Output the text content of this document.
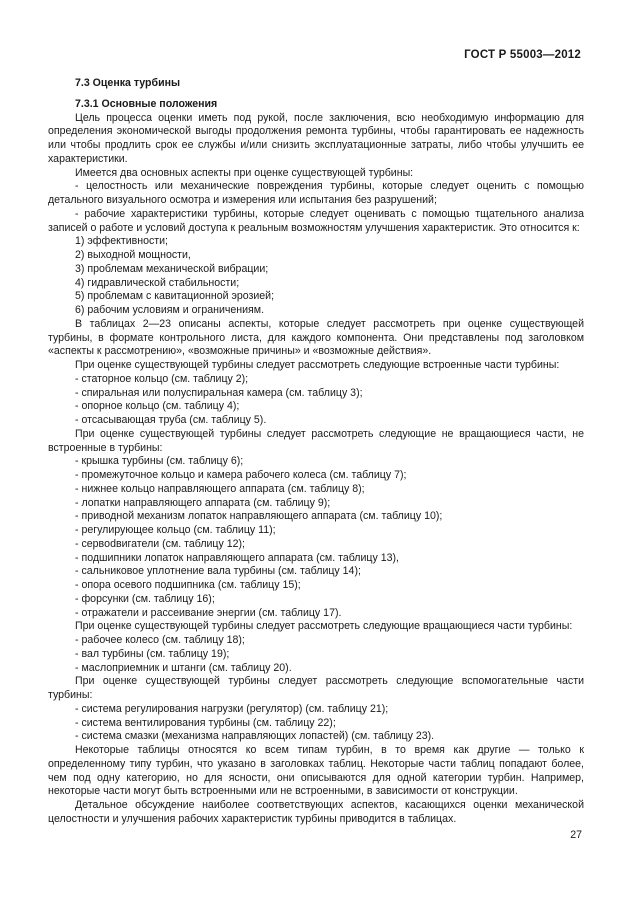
ГОСТ Р 55003—2012

7.3 Оценка турбины

7.3.1 Основные положения

Цель процесса оценки иметь под рукой, после заключения, всю необходимую информацию для определения экономической выгоды продолжения ремонта турбины, чтобы гарантировать ее надежность или чтобы продлить срок ее службы и/или снизить эксплуатационные затраты, либо чтобы улучшить ее характеристики.

Имеется два основных аспекты при оценке существующей турбины:

- целостность или механические повреждения турбины, которые следует оценить с помощью детального визуального осмотра и измерения или испытания без разрушений;

- рабочие характеристики турбины, которые следует оценивать с помощью тщательного анализа записей о работе и условий доступа к реальным возможностям улучшения характеристик. Это относится к:

1) эффективности;

2) выходной мощности,

3) проблемам механической вибрации;

4) гидравлической стабильности;

5) проблемам с кавитационной эрозией;

6) рабочим условиям и ограничениям.

В таблицах 2—23 описаны аспекты, которые следует рассмотреть при оценке существующей турбины, в формате контрольного листа, для каждого компонента. Они представлены под заголовком «аспекты к рассмотрению», «возможные причины» и «возможные действия».

При оценке существующей турбины следует рассмотреть следующие встроенные части турбины:

- статорное кольцо (см. таблицу 2);

- спиральная или полуспиральная камера (см. таблицу 3);

- опорное кольцо (см. таблицу 4);

- отсасывающая труба (см. таблицу 5).

При оценке существующей турбины следует рассмотреть следующие не вращающиеся части, не встроенные в турбины:

- крышка турбины (см. таблицу 6);

- промежуточное кольцо и камера рабочего колеса (см. таблицу 7);

- нижнее кольцо направляющего аппарата (см. таблицу 8);

- лопатки направляющего аппарата (см. таблицу 9);

- приводной механизм лопаток направляющего аппарата (см. таблицу 10);

- регулирующее кольцо (см. таблицу 11);

- сервodвигатели (см. таблицу 12);

- подшипники лопаток направляющего аппарата (см. таблицу 13),

- сальниковое уплотнение вала турбины (см. таблицу 14);

- опора осевого подшипника (см. таблицу 15);

- форсунки (см. таблицу 16);

- отражатели и рассеивание энергии (см. таблицу 17).

При оценке существующей турбины следует рассмотреть следующие вращающиеся части турбины:

- рабочее колесо (см. таблицу 18);

- вал турбины (см. таблицу 19);

- маслоприемник и штанги (см. таблицу 20).

При оценке существующей турбины следует рассмотреть следующие вспомогательные части турбины:

- система регулирования нагрузки (регулятор) (см. таблицу 21);

- система вентилирования турбины (см. таблицу 22);

- система смазки (механизма направляющих лопастей) (см. таблицу 23).

Некоторые таблицы относятся ко всем типам турбин, в то время как другие — только к определенному типу турбин, что указано в заголовках таблиц. Некоторые части таблиц попадают более, чем под одну категорию, но для ясности, они описываются для одной категории турбин. Например, некоторые части могут быть встроенными или не встроенными, в зависимости от конструкции.

Детальное обсуждение наиболее соответствующих аспектов, касающихся оценки механической целостности и улучшения рабочих характеристик турбины приводится в таблицах.

27
